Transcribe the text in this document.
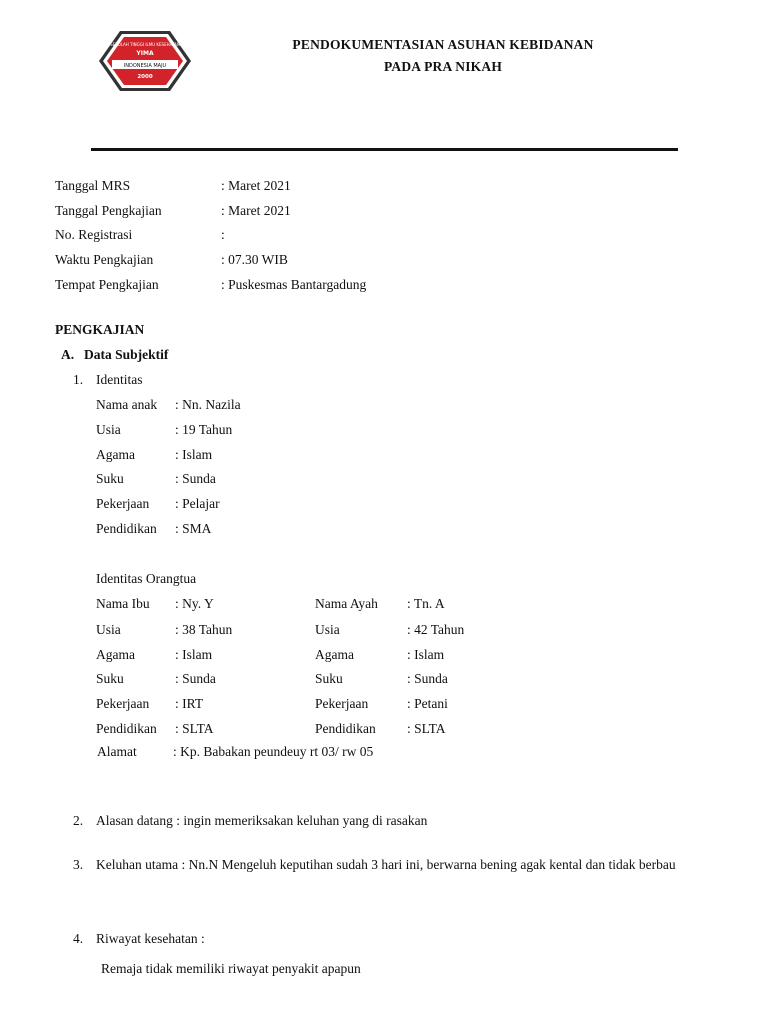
SEKOLAH TINGGI ILMU KESEHATAN
YIMA
INDONESIA MAJU
2000
PENDOKUMENTASIAN ASUHAN KEBIDANAN
PADA PRA NIKAH
Tanggal MRS	: Maret 2021
Tanggal Pengkajian	: Maret 2021
No. Registrasi	:
Waktu Pengkajian	: 07.30 WIB
Tempat Pengkajian	: Puskesmas Bantargadung
PENGKAJIAN
A. Data Subjektif
1. Identitas
Nama anak : Nn. Nazila
Usia	: 19 Tahun
Agama	: Islam
Suku	: Sunda
Pekerjaan : Pelajar
Pendidikan : SMA
Identitas Orangtua
Nama Ibu : Ny. Y	Nama Ayah : Tn. A
Usia	: 38 Tahun	Usia	: 42 Tahun
Agama	: Islam	Agama	: Islam
Suku	: Sunda	Suku	: Sunda
Pekerjaan : IRT	Pekerjaan	: Petani
Pendidikan : SLTA	Pendidikan : SLTA
Alamat	: Kp. Babakan peundeuy rt 03/ rw 05
2. Alasan datang : ingin memeriksakan keluhan yang di rasakan
3. Keluhan utama : Nn.N Mengeluh keputihan sudah 3 hari ini, berwarna bening agak kental dan tidak berbau
4. Riwayat kesehatan :
Remaja tidak memiliki riwayat penyakit apapun
